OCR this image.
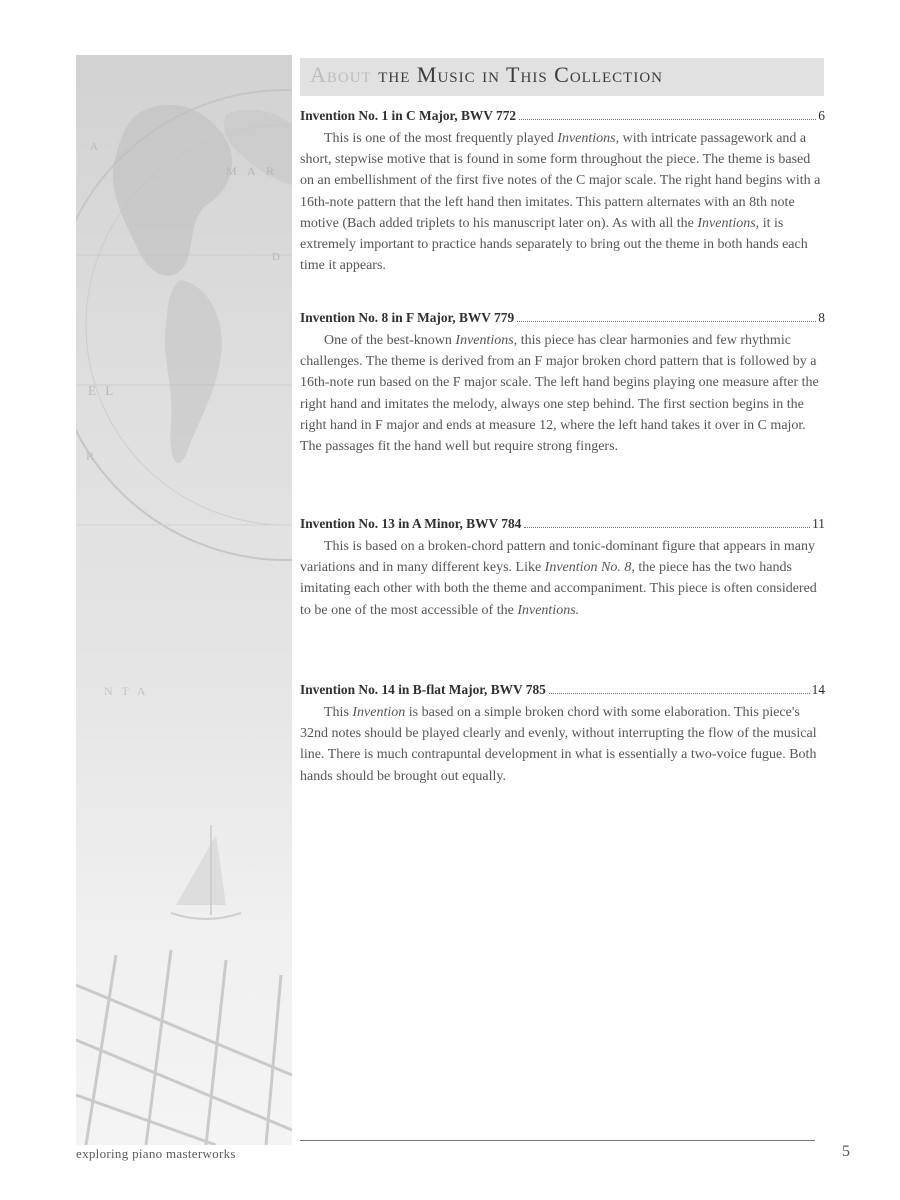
M A R
D
A
E L
R
N T A
About the Music in This Collection
Invention No. 1 in C Major, BWV 772	6

This is one of the most frequently played Inventions, with intricate passagework and a short, stepwise motive that is found in some form throughout the piece. The theme is based on an embellishment of the first five notes of the C major scale. The right hand begins with a 16th-note pattern that the left hand then imitates. This pattern alternates with an 8th note motive (Bach added triplets to his manuscript later on). As with all the Inventions, it is extremely important to practice hands separately to bring out the theme in both hands each time it appears.

Invention No. 8 in F Major, BWV 779	8

One of the best-known Inventions, this piece has clear harmonies and few rhythmic challenges. The theme is derived from an F major broken chord pattern that is followed by a 16th-note run based on the F major scale. The left hand begins playing one measure after the right hand and imitates the melody, always one step behind. The first section begins in the right hand in F major and ends at measure 12, where the left hand takes it over in C major. The passages fit the hand well but require strong fingers.

Invention No. 13 in A Minor, BWV 784	11

This is based on a broken-chord pattern and tonic-dominant figure that appears in many variations and in many different keys. Like Invention No. 8, the piece has the two hands imitating each other with both the theme and accompaniment. This piece is often considered to be one of the most accessible of the Inventions.

Invention No. 14 in B-flat Major, BWV 785	14

This Invention is based on a simple broken chord with some elaboration. This piece's 32nd notes should be played clearly and evenly, without interrupting the flow of the musical line. There is much contrapuntal development in what is essentially a two-voice fugue. Both hands should be brought out equally.

exploring piano masterworks	5
